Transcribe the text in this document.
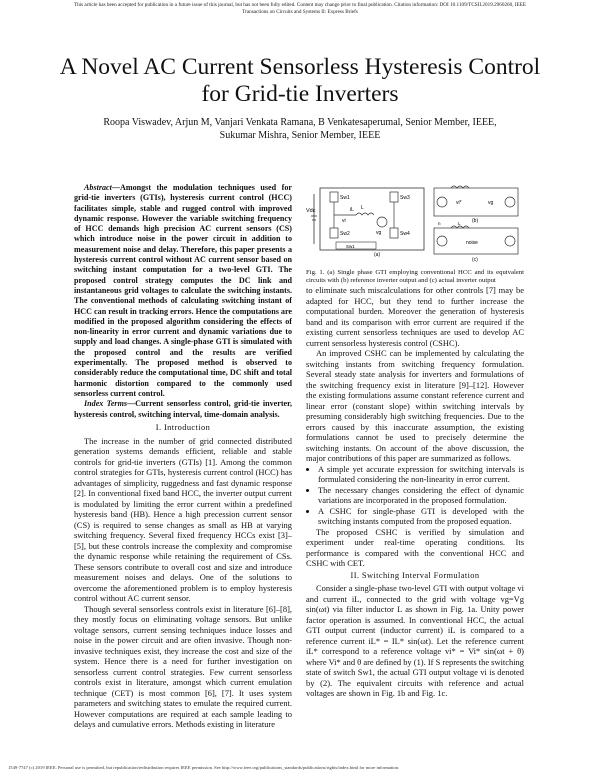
This article has been accepted for publication in a future issue of this journal, but has not been fully edited. Content may change prior to final publication. Citation information: DOI 10.1109/TCSII.2019.2960260, IEEE
Transactions on Circuits and Systems II: Express Briefs
A Novel AC Current Sensorless Hysteresis Control
for Grid-tie Inverters
Roopa Viswadev, Arjun M, Vanjari Venkata Ramana, B Venkatesaperumal, Senior Member, IEEE,
Sukumar Mishra, Senior Member, IEEE
Abstract—Amongst the modulation techniques used for grid-tie inverters (GTIs), hysteresis current control (HCC) facilitates simple, stable and rugged control with improved dynamic response. However the variable switching frequency of HCC demands high precision AC current sensors (CS) which introduce noise in the power circuit in addition to measurement noise and delay. Therefore, this paper presents a hysteresis current control without AC current sensor based on switching instant computation for a two-level GTI. The proposed control strategy computes the DC link and instantaneous grid voltages to calculate the switching instants. The conventional methods of calculating switching instant of HCC can result in tracking errors. Hence the computations are modified in the proposed algorithm considering the effects of non-linearity in error current and dynamic variations due to supply and load changes. A single-phase GTI is simulated with the proposed control and the results are verified experimentally. The proposed method is observed to considerably reduce the computational time, DC shift and total harmonic distortion compared to the commonly used sensorless current control.
Index Terms—Current sensorless control, grid-tie inverter, hysteresis control, switching interval, time-domain analysis.
I. Introduction

The increase in the number of grid connected distributed generation systems demands efficient, reliable and stable controls for grid-tie inverters (GTIs) [1]. Among the common control strategies for GTIs, hysteresis current control (HCC) has advantages of simplicity, ruggedness and fast dynamic response [2]. In conventional fixed band HCC, the inverter output current is modulated by limiting the error current within a predefined hysteresis band (HB). Hence a high precession current sensor (CS) is required to sense changes as small as HB at varying switching frequency. Several fixed frequency HCCs exist [3]–[5], but these controls increase the complexity and compromise the dynamic response while retaining the requirement of CSs. These sensors contribute to overall cost and size and introduce measurement noises and delays. One of the solutions to overcome the aforementioned problem is to employ hysteresis control without AC current sensor.

Though several sensorless controls exist in literature [6]–[8], they mostly focus on eliminating voltage sensors. But unlike voltage sensors, current sensing techniques induce losses and noise in the power circuit and are often invasive. Though non-invasive techniques exist, they increase the cost and size of the system. Hence there is a need for further investigation on sensorless current control strategies. Few current sensorless controls exist in literature, amongst which current emulation technique (CET) is most common [6], [7]. It uses system parameters and switching states to emulate the required current. However computations are required at each sample leading to delays and cumulative errors. Methods existing in literature

Vdc
Sw1
Sw2
Sw3
Sw4
L
vg
vi
iL
(a)
Sw1
vi*	vg
(b)
noise
(c)
n	L
Fig. 1. (a) Single phase GTI employing conventional HCC and its equivalent circuits with (b) reference inverter output and (c) actual inverter output

to eliminate such miscalculations for other controls [7] may be adapted for HCC, but they tend to further increase the computational burden. Moreover the generation of hysteresis band and its comparison with error current are required if the existing current sensorless techniques are used to develop AC current sensorless hysteresis control (CSHC).

An improved CSHC can be implemented by calculating the switching instants from switching frequency formulation. Several steady state analysis for inverters and formulations of the switching frequency exist in literature [9]–[12]. However the existing formulations assume constant reference current and linear error (constant slope) within switching intervals by presuming considerably high switching frequencies. Due to the errors caused by this inaccurate assumption, the existing formulations cannot be used to precisely determine the switching instants. On account of the above discussion, the major contributions of this paper are summarized as follows.

• A simple yet accurate expression for switching intervals is formulated considering the non-linearity in error current.
• The necessary changes considering the effect of dynamic variations are incorporated in the proposed formulation.
• A CSHC for single-phase GTI is developed with the switching instants computed from the proposed equation.

The proposed CSHC is verified by simulation and experiment under real-time operating conditions. Its performance is compared with the conventional HCC and CSHC with CET.

II. Switching Interval Formulation

Consider a single-phase two-level GTI with output voltage vi and current iL, connected to the grid with voltage vg=Vg sin(ωt) via filter inductor L as shown in Fig. 1a. Unity power factor operation is assumed. In conventional HCC, the actual GTI output current (inductor current) iL is compared to a reference current iL* = IL* sin(ωt). Let the reference current iL* correspond to a reference voltage vi* = Vi* sin(ωt + θ) where Vi* and θ are defined by (1). If S represents the switching state of switch Sw1, the actual GTI output voltage vi is denoted by (2). The equivalent circuits with reference and actual voltages are shown in Fig. 1b and Fig. 1c.

1549-7747 (c) 2019 IEEE. Personal use is permitted, but republication/redistribution requires IEEE permission. See http://www.ieee.org/publications_standards/publications/rights/index.html for more information.
